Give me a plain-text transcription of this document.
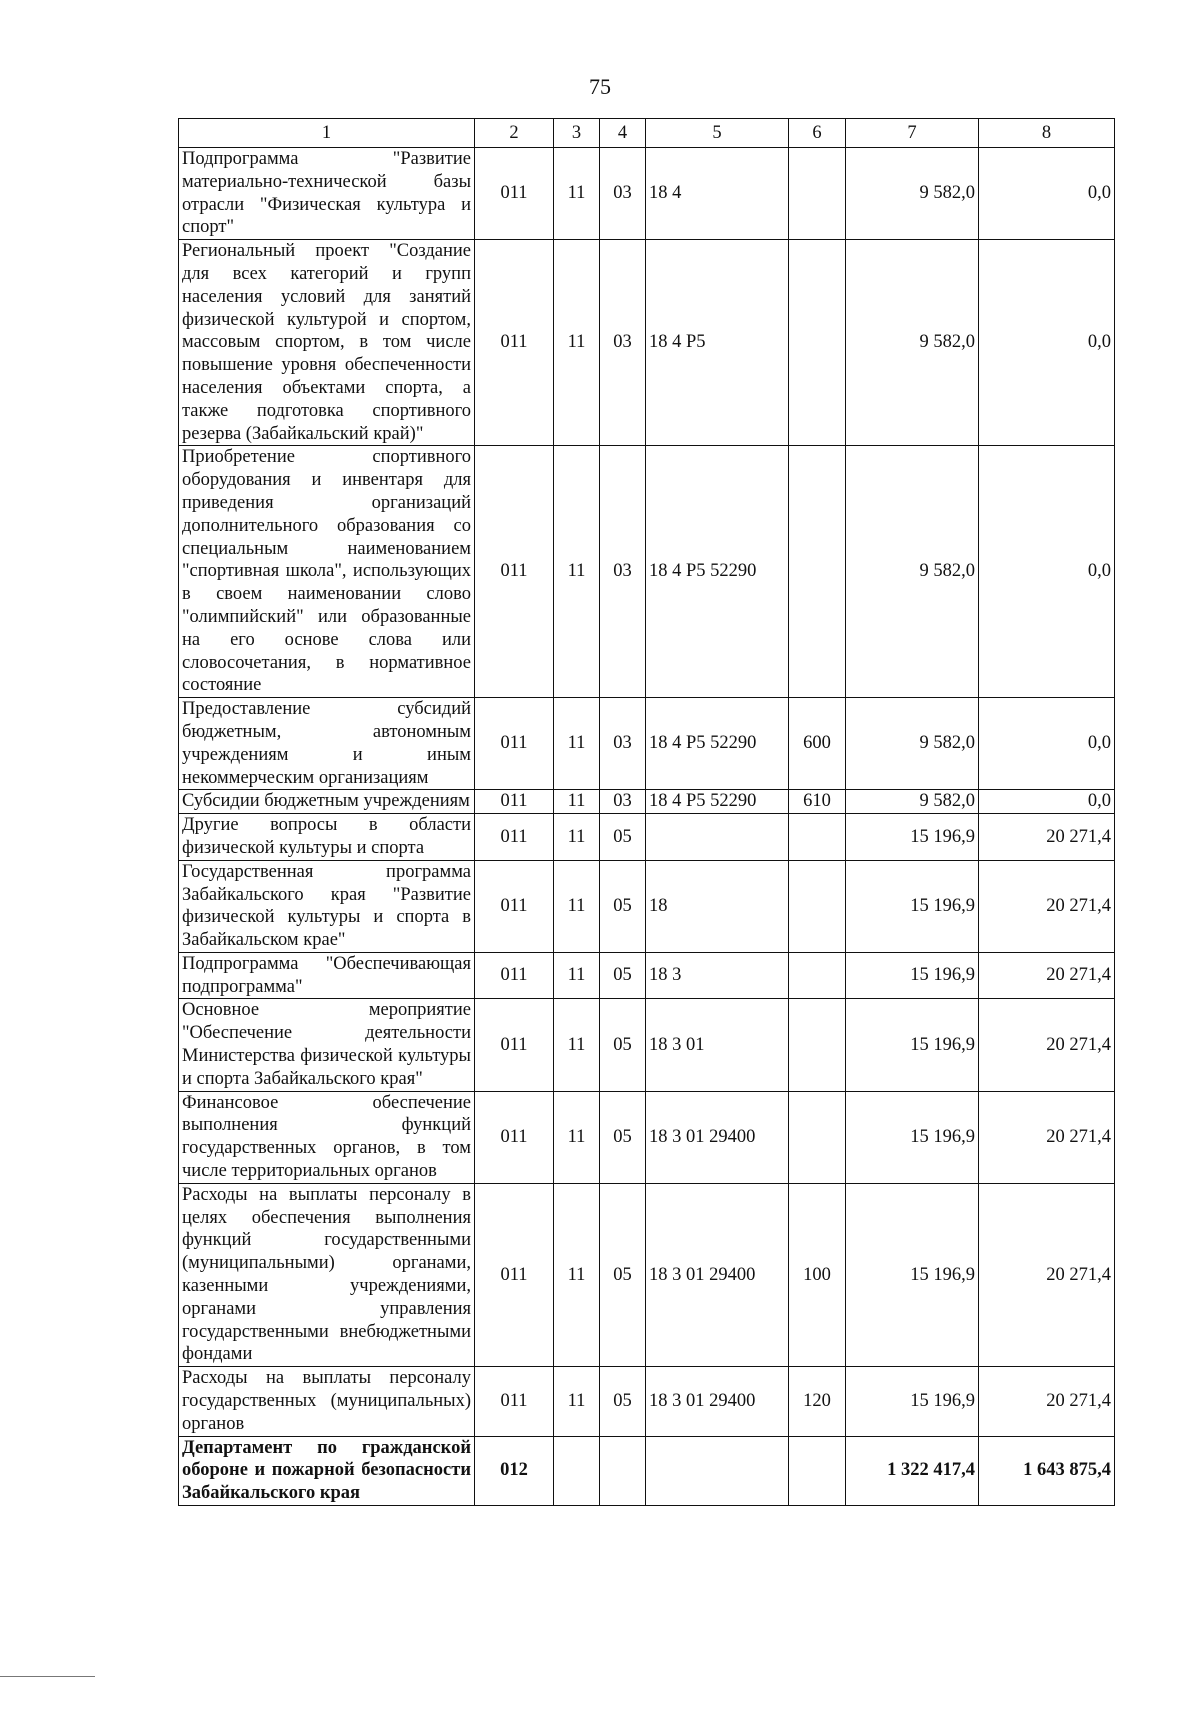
75
1	2	3	4	5	6	7	8
Подпрограмма "Развитие материально-технической базы отрасли "Физическая культура и спорт"	011	11	03	18 4		9 582,0	0,0
Региональный проект "Создание для всех категорий и групп населения условий для занятий физической культурой и спортом, массовым спортом, в том числе повышение уровня обеспеченности населения объектами спорта, а также подготовка спортивного резерва (Забайкальский край)"	011	11	03	18 4 P5		9 582,0	0,0
Приобретение спортивного оборудования и инвентаря для приведения организаций дополнительного образования со специальным наименованием "спортивная школа", использующих в своем наименовании слово "олимпийский" или образованные на его основе слова или словосочетания, в нормативное состояние	011	11	03	18 4 P5 52290		9 582,0	0,0
Предоставление субсидий бюджетным, автономным учреждениям и иным некоммерческим организациям	011	11	03	18 4 P5 52290	600	9 582,0	0,0
Субсидии бюджетным учреждениям	011	11	03	18 4 P5 52290	610	9 582,0	0,0
Другие вопросы в области физической культуры и спорта	011	11	05			15 196,9	20 271,4
Государственная программа Забайкальского края "Развитие физической культуры и спорта в Забайкальском крае"	011	11	05	18		15 196,9	20 271,4
Подпрограмма "Обеспечивающая подпрограмма"	011	11	05	18 3		15 196,9	20 271,4
Основное мероприятие "Обеспечение деятельности Министерства физической культуры и спорта Забайкальского края"	011	11	05	18 3 01		15 196,9	20 271,4
Финансовое обеспечение выполнения функций государственных органов, в том числе территориальных органов	011	11	05	18 3 01 29400		15 196,9	20 271,4
Расходы на выплаты персоналу в целях обеспечения выполнения функций государственными (муниципальными) органами, казенными учреждениями, органами управления государственными внебюджетными фондами	011	11	05	18 3 01 29400	100	15 196,9	20 271,4
Расходы на выплаты персоналу государственных (муниципальных) органов	011	11	05	18 3 01 29400	120	15 196,9	20 271,4
Департамент по гражданской обороне и пожарной безопасности Забайкальского края	012					1 322 417,4	1 643 875,4
